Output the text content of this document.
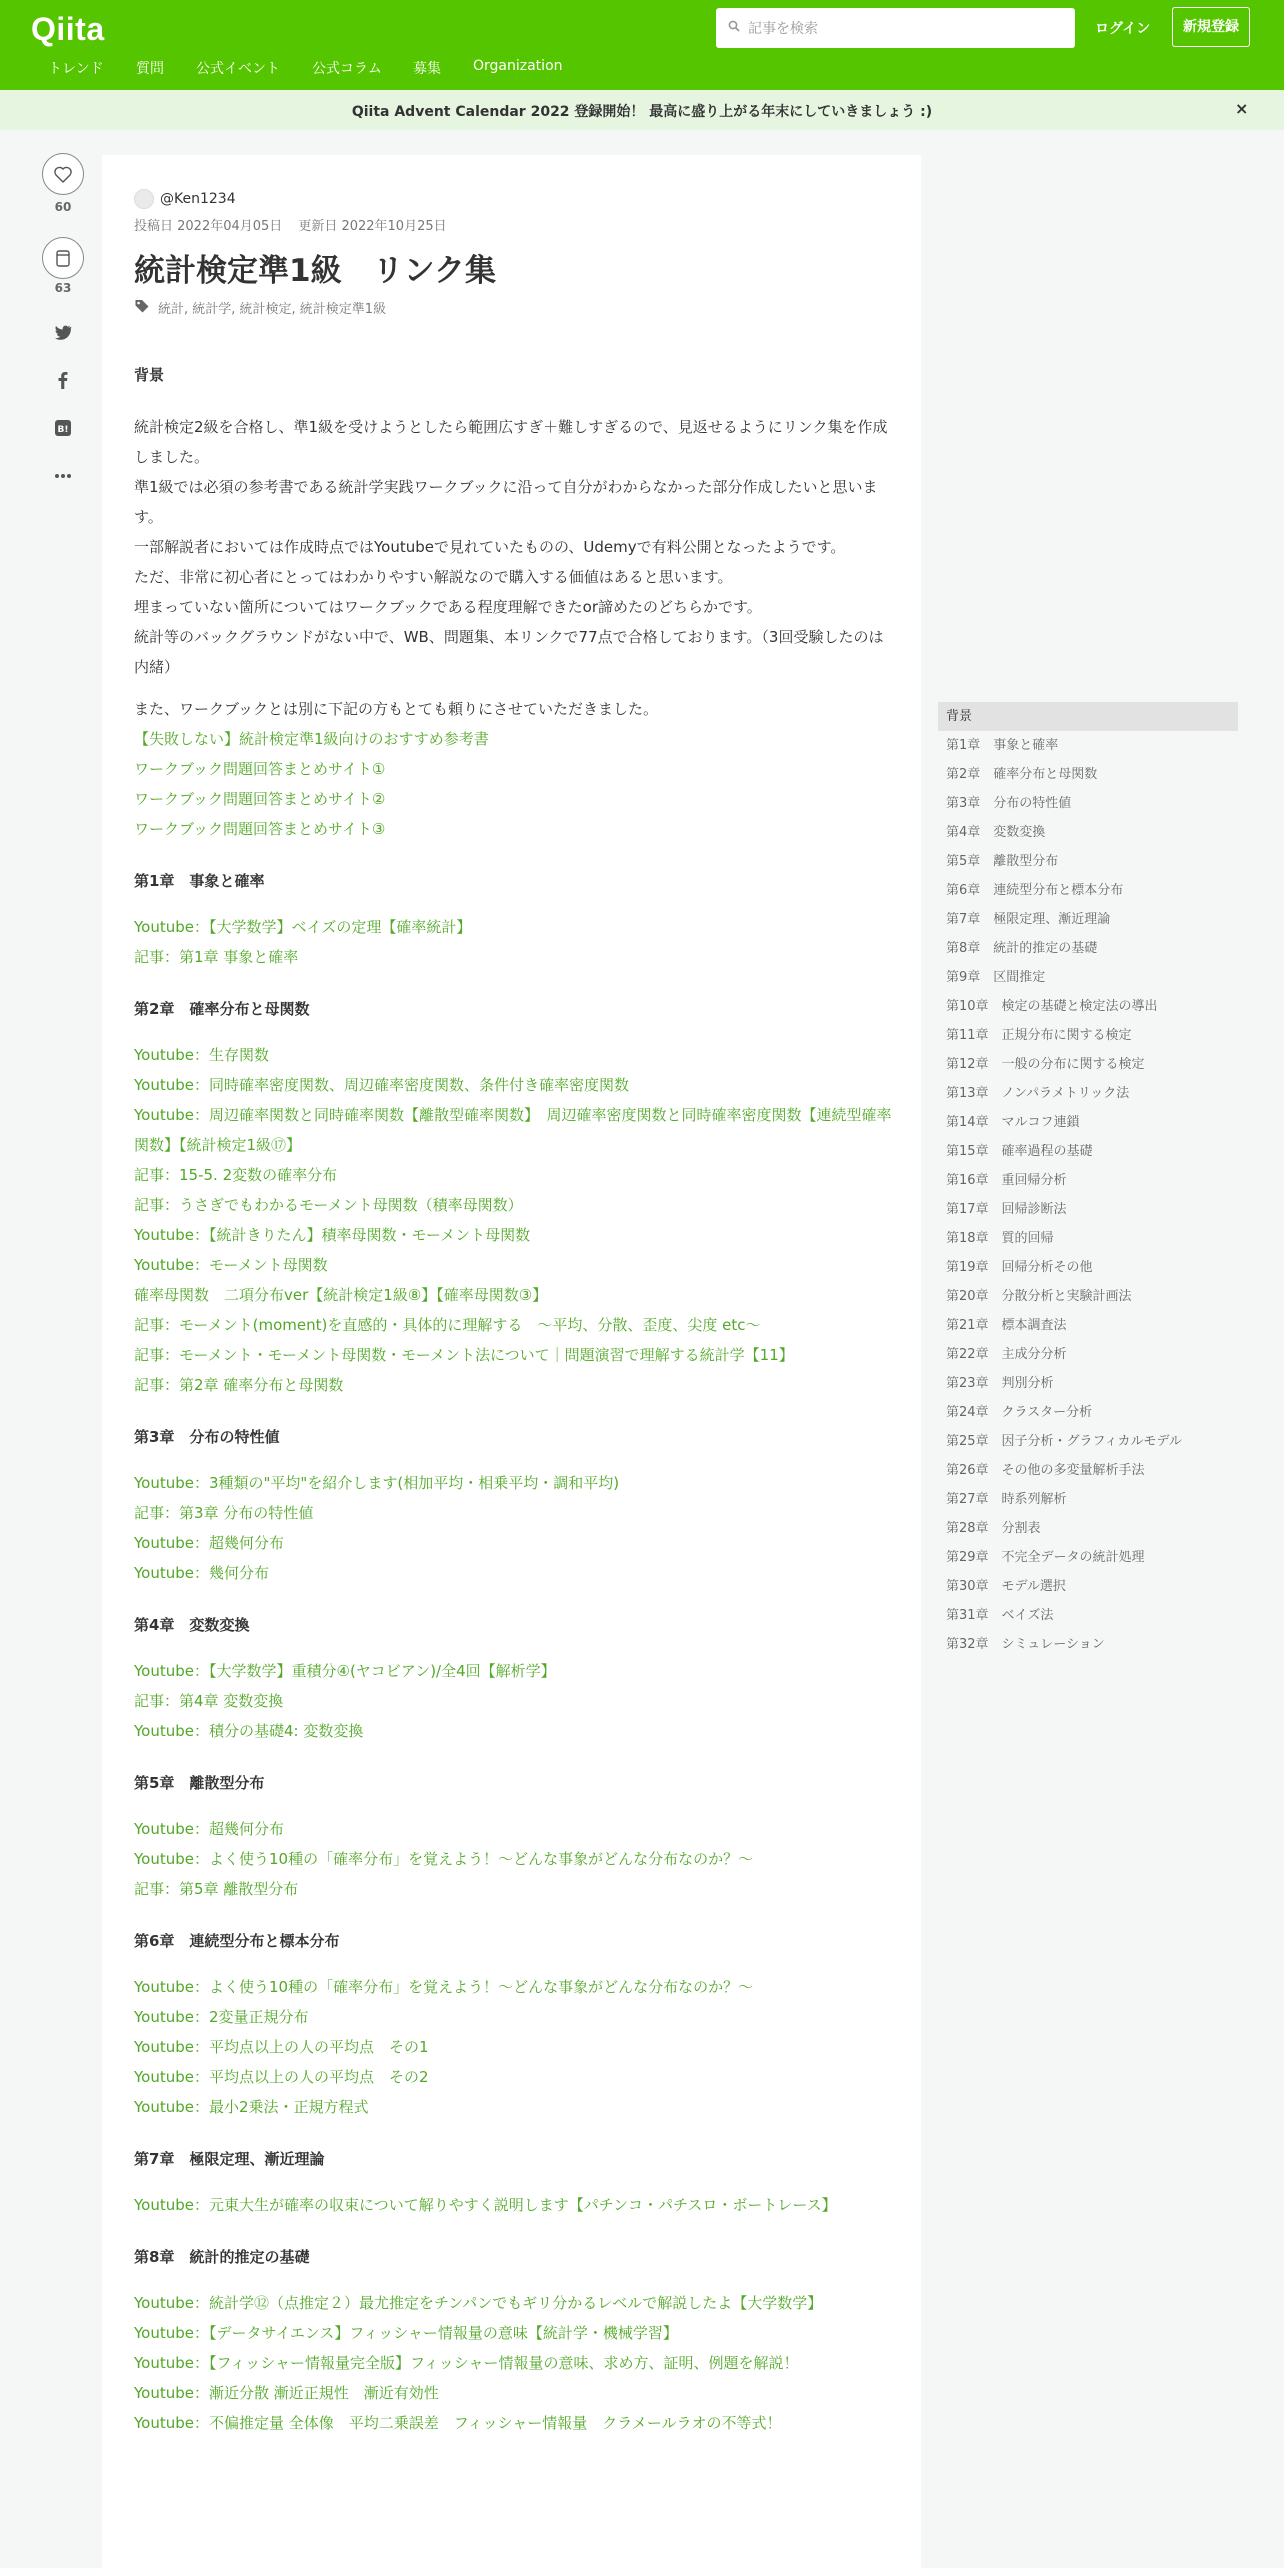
Qiita
記事を検索	ログイン	新規登録
トレンド 質問 公式イベント 公式コラム 募集 Organization
Qiita Advent Calendar 2022 登録開始！ 最高に盛り上がる年末にしていきましょう :)	×
60
63
B!
@Ken1234
投稿日 2022年04月05日 更新日 2022年10月25日
統計検定準1級　リンク集
統計, 統計学, 統計検定, 統計検定準1級
背景
統計検定2級を合格し、準1級を受けようとしたら範囲広すぎ＋難しすぎるので、見返せるようにリンク集を作成しました。
準1級では必須の参考書である統計学実践ワークブックに沿って自分がわからなかった部分作成したいと思います。
一部解説者においては作成時点ではYoutubeで見れていたものの、Udemyで有料公開となったようです。
ただ、非常に初心者にとってはわかりやすい解説なので購入する価値はあると思います。
埋まっていない箇所についてはワークブックである程度理解できたor諦めたのどちらかです。
統計等のバックグラウンドがない中で、WB、問題集、本リンクで77点で合格しております。（3回受験したのは内緒）
また、ワークブックとは別に下記の方もとても頼りにさせていただきました。
【失敗しない】統計検定準1級向けのおすすめ参考書
ワークブック問題回答まとめサイト①
ワークブック問題回答まとめサイト②
ワークブック問題回答まとめサイト③
第1章　事象と確率
Youtube：【大学数学】ベイズの定理【確率統計】
記事：第1章 事象と確率
第2章　確率分布と母関数
Youtube：生存関数
Youtube：同時確率密度関数、周辺確率密度関数、条件付き確率密度関数
Youtube：周辺確率関数と同時確率関数【離散型確率関数】　周辺確率密度関数と同時確率密度関数【連続型確率関数】【統計検定1級⑰】
記事：15-5. 2変数の確率分布
記事：うさぎでもわかるモーメント母関数（積率母関数）
Youtube：【統計きりたん】積率母関数・モーメント母関数
Youtube：モーメント母関数
確率母関数　二項分布ver【統計検定1級⑧】【確率母関数③】
記事：モーメント(moment)を直感的・具体的に理解する　〜平均、分散、歪度、尖度 etc〜
記事：モーメント・モーメント母関数・モーメント法について｜問題演習で理解する統計学【11】
記事：第2章 確率分布と母関数
第3章　分布の特性値
Youtube：3種類の"平均"を紹介します(相加平均・相乗平均・調和平均)
記事：第3章 分布の特性値
Youtube：超幾何分布
Youtube：幾何分布
第4章　変数変換
Youtube：【大学数学】重積分④(ヤコビアン)/全4回【解析学】
記事：第4章 変数変換
Youtube：積分の基礎4: 変数変換
第5章　離散型分布
Youtube：超幾何分布
Youtube：よく使う10種の「確率分布」を覚えよう！〜どんな事象がどんな分布なのか？〜
記事：第5章 離散型分布
第6章　連続型分布と標本分布
Youtube：よく使う10種の「確率分布」を覚えよう！〜どんな事象がどんな分布なのか？〜
Youtube：2変量正規分布
Youtube：平均点以上の人の平均点　その1
Youtube：平均点以上の人の平均点　その2
Youtube：最小2乗法・正規方程式
第7章　極限定理、漸近理論
Youtube：元東大生が確率の収束について解りやすく説明します【パチンコ・パチスロ・ボートレース】
第8章　統計的推定の基礎
Youtube：統計学⑫（点推定２）最尤推定をチンパンでもギリ分かるレベルで解説したよ【大学数学】
Youtube：【データサイエンス】フィッシャー情報量の意味【統計学・機械学習】
Youtube：【フィッシャー情報量完全版】フィッシャー情報量の意味、求め方、証明、例題を解説！
Youtube：漸近分散 漸近正規性　漸近有効性
Youtube：不偏推定量 全体像　平均二乗誤差　フィッシャー情報量　クラメールラオの不等式！
背景
第1章　事象と確率
第2章　確率分布と母関数
第3章　分布の特性値
第4章　変数変換
第5章　離散型分布
第6章　連続型分布と標本分布
第7章　極限定理、漸近理論
第8章　統計的推定の基礎
第9章　区間推定
第10章　検定の基礎と検定法の導出
第11章　正規分布に関する検定
第12章　一般の分布に関する検定
第13章　ノンパラメトリック法
第14章　マルコフ連鎖
第15章　確率過程の基礎
第16章　重回帰分析
第17章　回帰診断法
第18章　質的回帰
第19章　回帰分析その他
第20章　分散分析と実験計画法
第21章　標本調査法
第22章　主成分分析
第23章　判別分析
第24章　クラスター分析
第25章　因子分析・グラフィカルモデル
第26章　その他の多変量解析手法
第27章　時系列解析
第28章　分割表
第29章　不完全データの統計処理
第30章　モデル選択
第31章　ベイズ法
第32章　シミュレーション
